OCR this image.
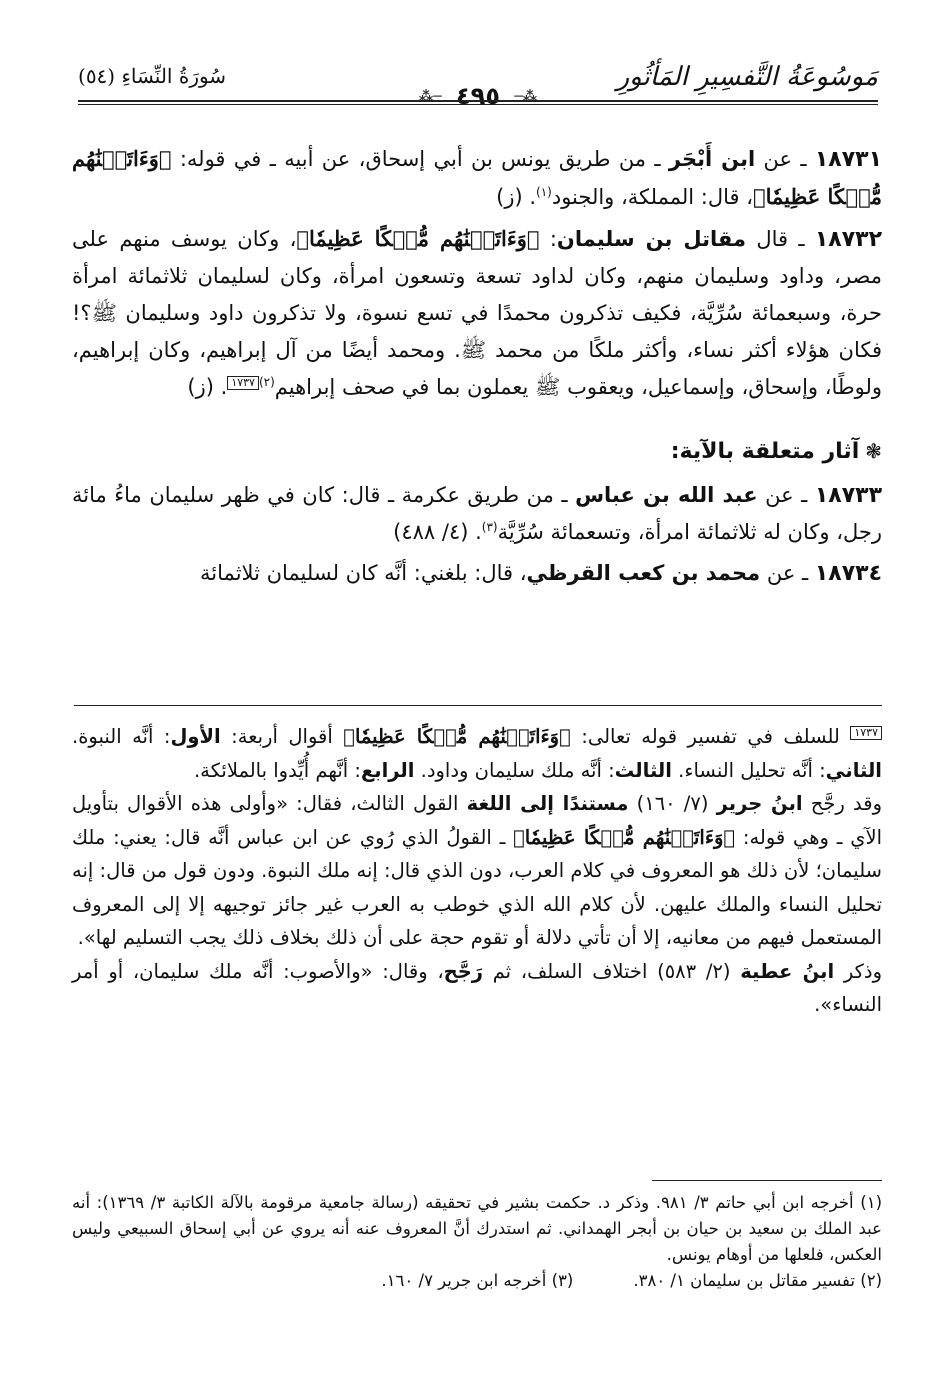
مَوسُوعَةُ التَّفسِيرِ المَأثُورِ
⁂─ ٤٩٥ ─⁂
سُورَةُ النِّسَاءِ (٥٤)

١٨٧٣١ ـ عن ابن أَبْجَر ـ من طريق يونس بن أبي إسحاق، عن أبيه ـ في قوله: ﴿وَءَاتَيۡنَٰهُم مُّلۡكًا عَظِيمٗا﴾، قال: المملكة، والجنود$^{(١)}$. (ز)

١٨٧٣٢ ـ قال مقاتل بن سليمان: ﴿وَءَاتَيۡنَٰهُم مُّلۡكًا عَظِيمٗا﴾، وكان يوسف منهم على مصر، وداود وسليمان منهم، وكان لداود تسعة وتسعون امرأة، وكان لسليمان ثلاثمائة امرأة حرة، وسبعمائة سُرِّيَّة، فكيف تذكرون محمدًا في تسع نسوة، ولا تذكرون داود وسليمان ﷺ؟! فكان هؤلاء أكثر نساء، وأكثر ملكًا من محمد ﷺ. ومحمد أيضًا من آل إبراهيم، وكان إبراهيم، ولوطًا، وإسحاق، وإسماعيل، ويعقوب ﷺ يعملون بما في صحف إبراهيم$^{(٢)}$١٧٣٧. (ز)

❃آثار متعلقة بالآية:

١٨٧٣٣ ـ عن عبد الله بن عباس ـ من طريق عكرمة ـ قال: كان في ظهر سليمان ماءُ مائة رجل، وكان له ثلاثمائة امرأة، وتسعمائة سُرِّيَّة$^{(٣)}$. (٤/ ٤٨٨)

١٨٧٣٤ ـ عن محمد بن كعب القرظي، قال: بلغني: أنَّه كان لسليمان ثلاثمائة

١٧٣٧ للسلف في تفسير قوله تعالى: ﴿وَءَاتَيۡنَٰهُم مُّلۡكًا عَظِيمٗا﴾ أقوال أربعة: الأول: أنَّه النبوة. الثاني: أنَّه تحليل النساء. الثالث: أنَّه ملك سليمان وداود. الرابع: أنَّهم أُيِّدوا بالملائكة.

وقد رجَّح ابنُ جرير (٧/ ١٦٠) مستندًا إلى اللغة القول الثالث، فقال: «وأولى هذه الأقوال بتأويل الآي ـ وهي قوله: ﴿وَءَاتَيۡنَٰهُم مُّلۡكًا عَظِيمٗا﴾ ـ القولُ الذي رُوي عن ابن عباس أنَّه قال: يعني: ملك سليمان؛ لأن ذلك هو المعروف في كلام العرب، دون الذي قال: إنه ملك النبوة. ودون قول من قال: إنه تحليل النساء والملك عليهن. لأن كلام الله الذي خوطب به العرب غير جائز توجيهه إلا إلى المعروف المستعمل فيهم من معانيه، إلا أن تأتي دلالة أو تقوم حجة على أن ذلك بخلاف ذلك يجب التسليم لها».

وذكر ابنُ عطية (٢/ ٥٨٣) اختلاف السلف، ثم رَجَّح، وقال: «والأصوب: أنَّه ملك سليمان، أو أمر النساء».

(١) أخرجه ابن أبي حاتم ٣/ ٩٨١. وذكر د. حكمت بشير في تحقيقه (رسالة جامعية مرقومة بالآلة الكاتبة ٣/ ١٣٦٩): أنه عبد الملك بن سعيد بن حيان بن أبجر الهمداني. ثم استدرك أنَّ المعروف عنه أنه يروي عن أبي إسحاق السبيعي وليس العكس، فلعلها من أوهام يونس.

(٢) تفسير مقاتل بن سليمان ١/ ٣٨٠.
(٣) أخرجه ابن جرير ٧/ ١٦٠.
